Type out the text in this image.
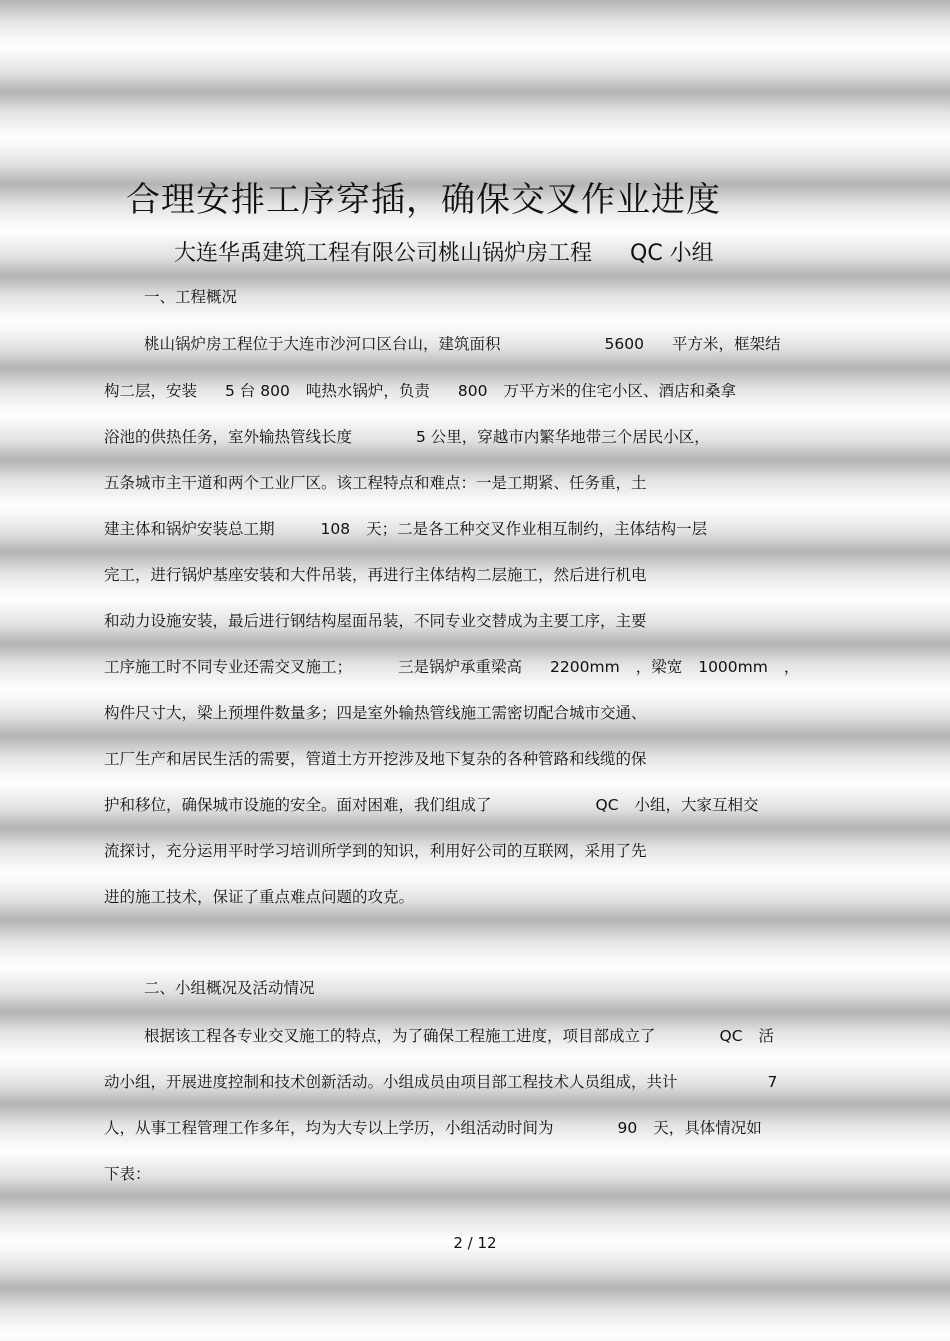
合理安排工序穿插，确保交叉作业进度
大连华禹建筑工程有限公司桃山锅炉房工程 QC 小组
一、工程概况
桃山锅炉房工程位于大连市沙河口区台山，建筑面积	5600 平方米，框架结
构二层，安装 5 台 800 吨热水锅炉，负责 800 万平方米的住宅小区、酒店和桑拿
浴池的供热任务，室外输热管线长度	5 公里，穿越市内繁华地带三个居民小区，
五条城市主干道和两个工业厂区。该工程特点和难点：一是工期紧、任务重，土
建主体和锅炉安装总工期	108 天；二是各工种交叉作业相互制约，主体结构一层
完工，进行锅炉基座安装和大件吊装，再进行主体结构二层施工，然后进行机电
和动力设施安装，最后进行钢结构屋面吊装，不同专业交替成为主要工序，主要
工序施工时不同专业还需交叉施工；	三是锅炉承重梁高 2200mm ，梁宽 1000mm ，
构件尺寸大，梁上预埋件数量多；四是室外输热管线施工需密切配合城市交通、
工厂生产和居民生活的需要，管道土方开挖涉及地下复杂的各种管路和线缆的保
护和移位，确保城市设施的安全。面对困难，我们组成了	QC 小组，大家互相交
流探讨，充分运用平时学习培训所学到的知识，利用好公司的互联网，采用了先
进的施工技术，保证了重点难点问题的攻克。
二、小组概况及活动情况
根据该工程各专业交叉施工的特点，为了确保工程施工进度，项目部成立了	QC 活
动小组，开展进度控制和技术创新活动。小组成员由项目部工程技术人员组成，共计	7
人，从事工程管理工作多年，均为大专以上学历，小组活动时间为	90 天，具体情况如
下表：
2 / 12
